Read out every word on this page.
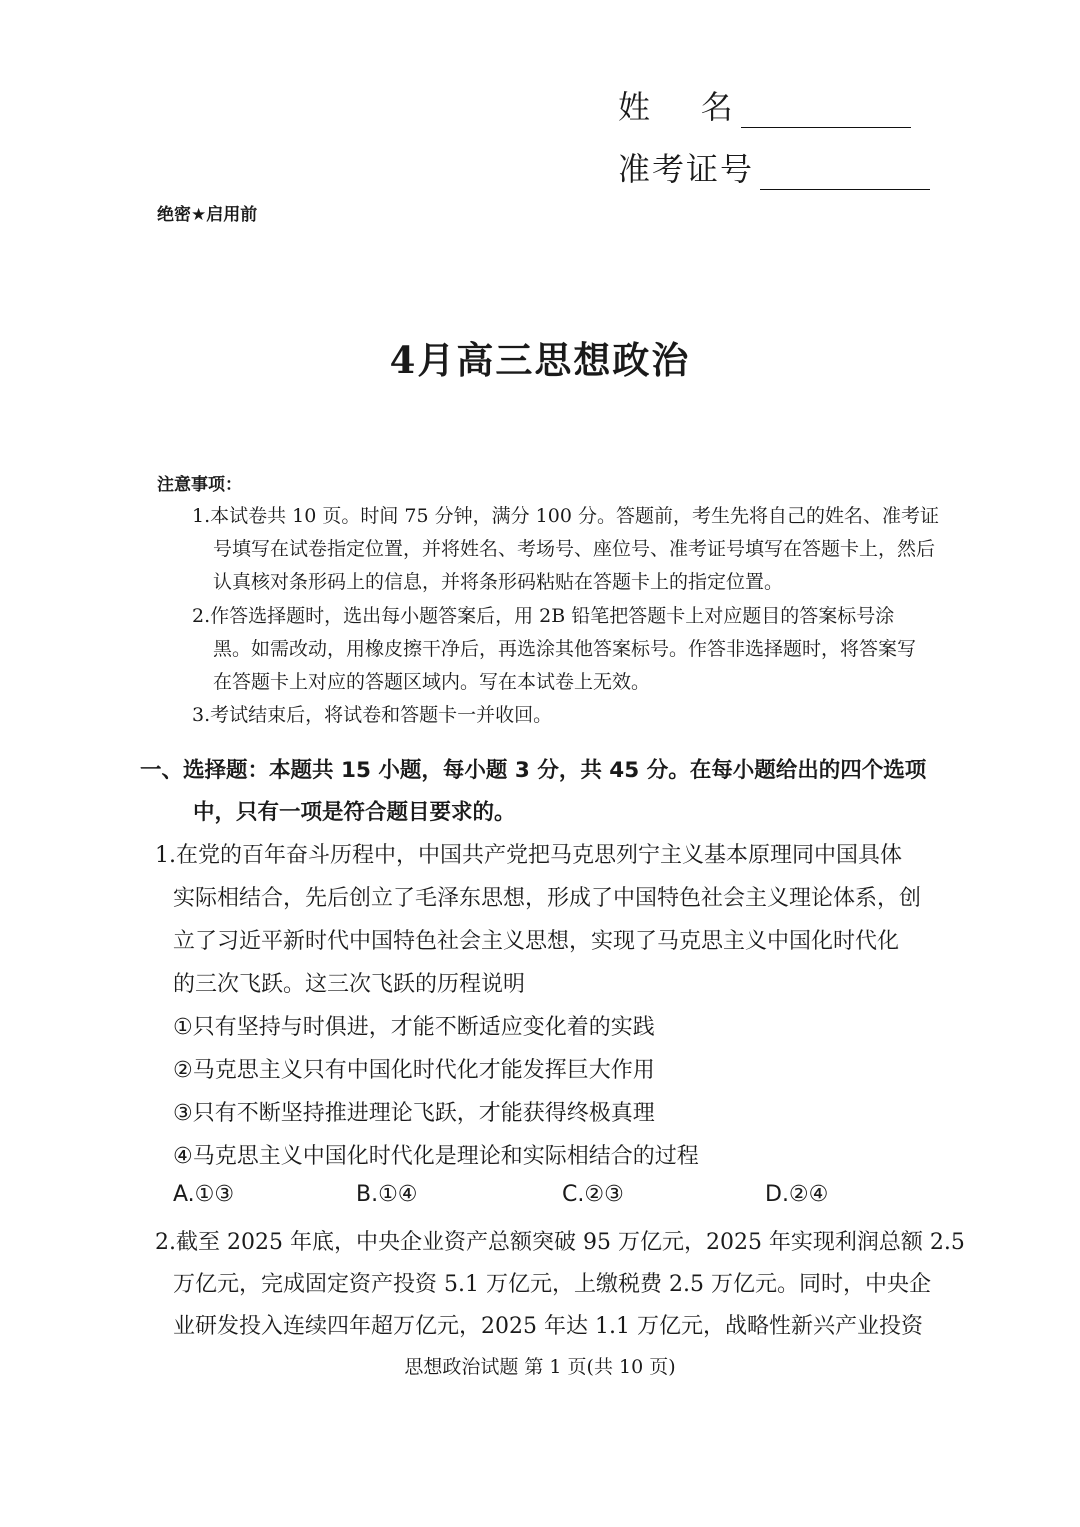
姓    名
准考证号
绝密★启用前
4月高三思想政治
注意事项：
1.本试卷共 10 页。时间 75 分钟，满分 100 分。答题前，考生先将自己的姓名、准考证
号填写在试卷指定位置，并将姓名、考场号、座位号、准考证号填写在答题卡上，然后
认真核对条形码上的信息，并将条形码粘贴在答题卡上的指定位置。
2.作答选择题时，选出每小题答案后，用 2B 铅笔把答题卡上对应题目的答案标号涂
黑。如需改动，用橡皮擦干净后，再选涂其他答案标号。作答非选择题时，将答案写
在答题卡上对应的答题区域内。写在本试卷上无效。
3.考试结束后，将试卷和答题卡一并收回。
一、选择题：本题共 15 小题，每小题 3 分，共 45 分。在每小题给出的四个选项
中，只有一项是符合题目要求的。
1.在党的百年奋斗历程中，中国共产党把马克思列宁主义基本原理同中国具体
实际相结合，先后创立了毛泽东思想，形成了中国特色社会主义理论体系，创
立了习近平新时代中国特色社会主义思想，实现了马克思主义中国化时代化
的三次飞跃。这三次飞跃的历程说明
①只有坚持与时俱进，才能不断适应变化着的实践
②马克思主义只有中国化时代化才能发挥巨大作用
③只有不断坚持推进理论飞跃，才能获得终极真理
④马克思主义中国化时代化是理论和实际相结合的过程
A.①③	B.①④	C.②③	D.②④
2.截至 2025 年底，中央企业资产总额突破 95 万亿元，2025 年实现利润总额 2.5
万亿元，完成固定资产投资 5.1 万亿元，上缴税费 2.5 万亿元。同时，中央企
业研发投入连续四年超万亿元，2025 年达 1.1 万亿元，战略性新兴产业投资
思想政治试题 第 1 页(共 10 页)
